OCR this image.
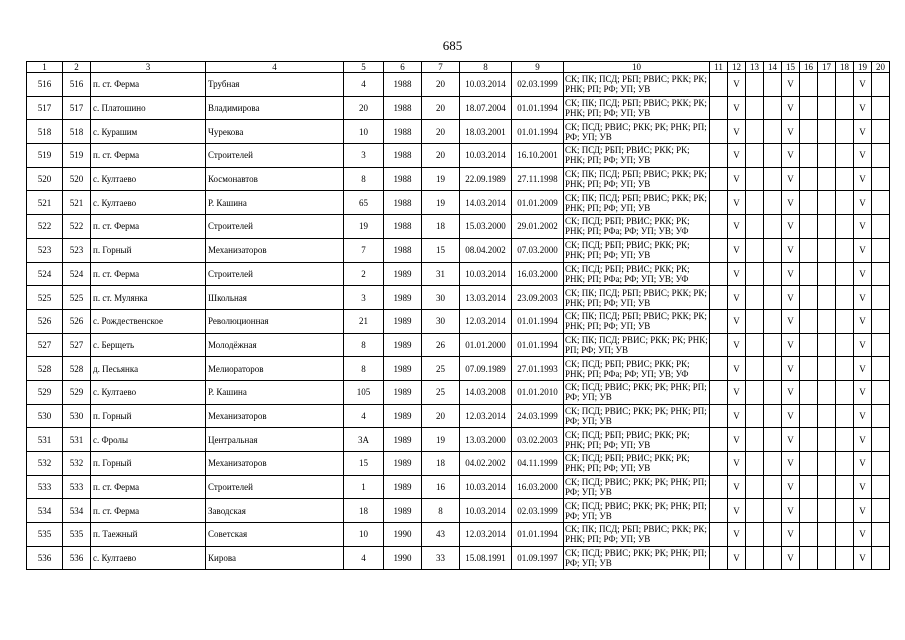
685
1	2	3	4	5	6	7	8	9	10	11	12	13	14	15	16	17	18	19	20
516	516	п. ст. Ферма	Трубная	4	1988	20	10.03.2014	02.03.1999	СК; ПК; ПСД; РБП; РВИС; РКК; РК; РНК; РП; РФ; УП; УВ		V			V				V	
517	517	с. Платошино	Владимирова	20	1988	20	18.07.2004	01.01.1994	СК; ПК; ПСД; РБП; РВИС; РКК; РК; РНК; РП; РФ; УП; УВ		V			V				V	
518	518	с. Курашим	Чурекова	10	1988	20	18.03.2001	01.01.1994	СК; ПСД; РВИС; РКК; РК; РНК; РП; РФ; УП; УВ		V			V				V	
519	519	п. ст. Ферма	Строителей	3	1988	20	10.03.2014	16.10.2001	СК; ПСД; РБП; РВИС; РКК; РК; РНК; РП; РФ; УП; УВ		V			V				V	
520	520	с. Култаево	Космонавтов	8	1988	19	22.09.1989	27.11.1998	СК; ПК; ПСД; РБП; РВИС; РКК; РК; РНК; РП; РФ; УП; УВ		V			V				V	
521	521	с. Култаево	Р. Кашина	65	1988	19	14.03.2014	01.01.2009	СК; ПК; ПСД; РБП; РВИС; РКК; РК; РНК; РП; РФ; УП; УВ		V			V				V	
522	522	п. ст. Ферма	Строителей	19	1988	18	15.03.2000	29.01.2002	СК; ПСД; РБП; РВИС; РКК; РК; РНК; РП; РФа; РФ; УП; УВ; УФ		V			V				V	
523	523	п. Горный	Механизаторов	7	1988	15	08.04.2002	07.03.2000	СК; ПСД; РБП; РВИС; РКК; РК; РНК; РП; РФ; УП; УВ		V			V				V	
524	524	п. ст. Ферма	Строителей	2	1989	31	10.03.2014	16.03.2000	СК; ПСД; РБП; РВИС; РКК; РК; РНК; РП; РФа; РФ; УП; УВ; УФ		V			V				V	
525	525	п. ст. Мулянка	Школьная	3	1989	30	13.03.2014	23.09.2003	СК; ПК; ПСД; РБП; РВИС; РКК; РК; РНК; РП; РФ; УП; УВ		V			V				V	
526	526	с. Рождественское	Революционная	21	1989	30	12.03.2014	01.01.1994	СК; ПК; ПСД; РБП; РВИС; РКК; РК; РНК; РП; РФ; УП; УВ		V			V				V	
527	527	с. Берщеть	Молодёжная	8	1989	26	01.01.2000	01.01.1994	СК; ПК; ПСД; РВИС; РКК; РК; РНК; РП; РФ; УП; УВ		V			V				V	
528	528	д. Песьянка	Мелиораторов	8	1989	25	07.09.1989	27.01.1993	СК; ПСД; РБП; РВИС; РКК; РК; РНК; РП; РФа; РФ; УП; УВ; УФ		V			V				V	
529	529	с. Култаево	Р. Кашина	105	1989	25	14.03.2008	01.01.2010	СК; ПСД; РВИС; РКК; РК; РНК; РП; РФ; УП; УВ		V			V				V	
530	530	п. Горный	Механизаторов	4	1989	20	12.03.2014	24.03.1999	СК; ПСД; РВИС; РКК; РК; РНК; РП; РФ; УП; УВ		V			V				V	
531	531	с. Фролы	Центральная	3А	1989	19	13.03.2000	03.02.2003	СК; ПСД; РБП; РВИС; РКК; РК; РНК; РП; РФ; УП; УВ		V			V				V	
532	532	п. Горный	Механизаторов	15	1989	18	04.02.2002	04.11.1999	СК; ПСД; РБП; РВИС; РКК; РК; РНК; РП; РФ; УП; УВ		V			V				V	
533	533	п. ст. Ферма	Строителей	1	1989	16	10.03.2014	16.03.2000	СК; ПСД; РВИС; РКК; РК; РНК; РП; РФ; УП; УВ		V			V				V	
534	534	п. ст. Ферма	Заводская	18	1989	8	10.03.2014	02.03.1999	СК; ПСД; РВИС; РКК; РК; РНК; РП; РФ; УП; УВ		V			V				V	
535	535	п. Таежный	Советская	10	1990	43	12.03.2014	01.01.1994	СК; ПК; ПСД; РБП; РВИС; РКК; РК; РНК; РП; РФ; УП; УВ		V			V				V	
536	536	с. Култаево	Кирова	4	1990	33	15.08.1991	01.09.1997	СК; ПСД; РВИС; РКК; РК; РНК; РП; РФ; УП; УВ		V			V				V	
